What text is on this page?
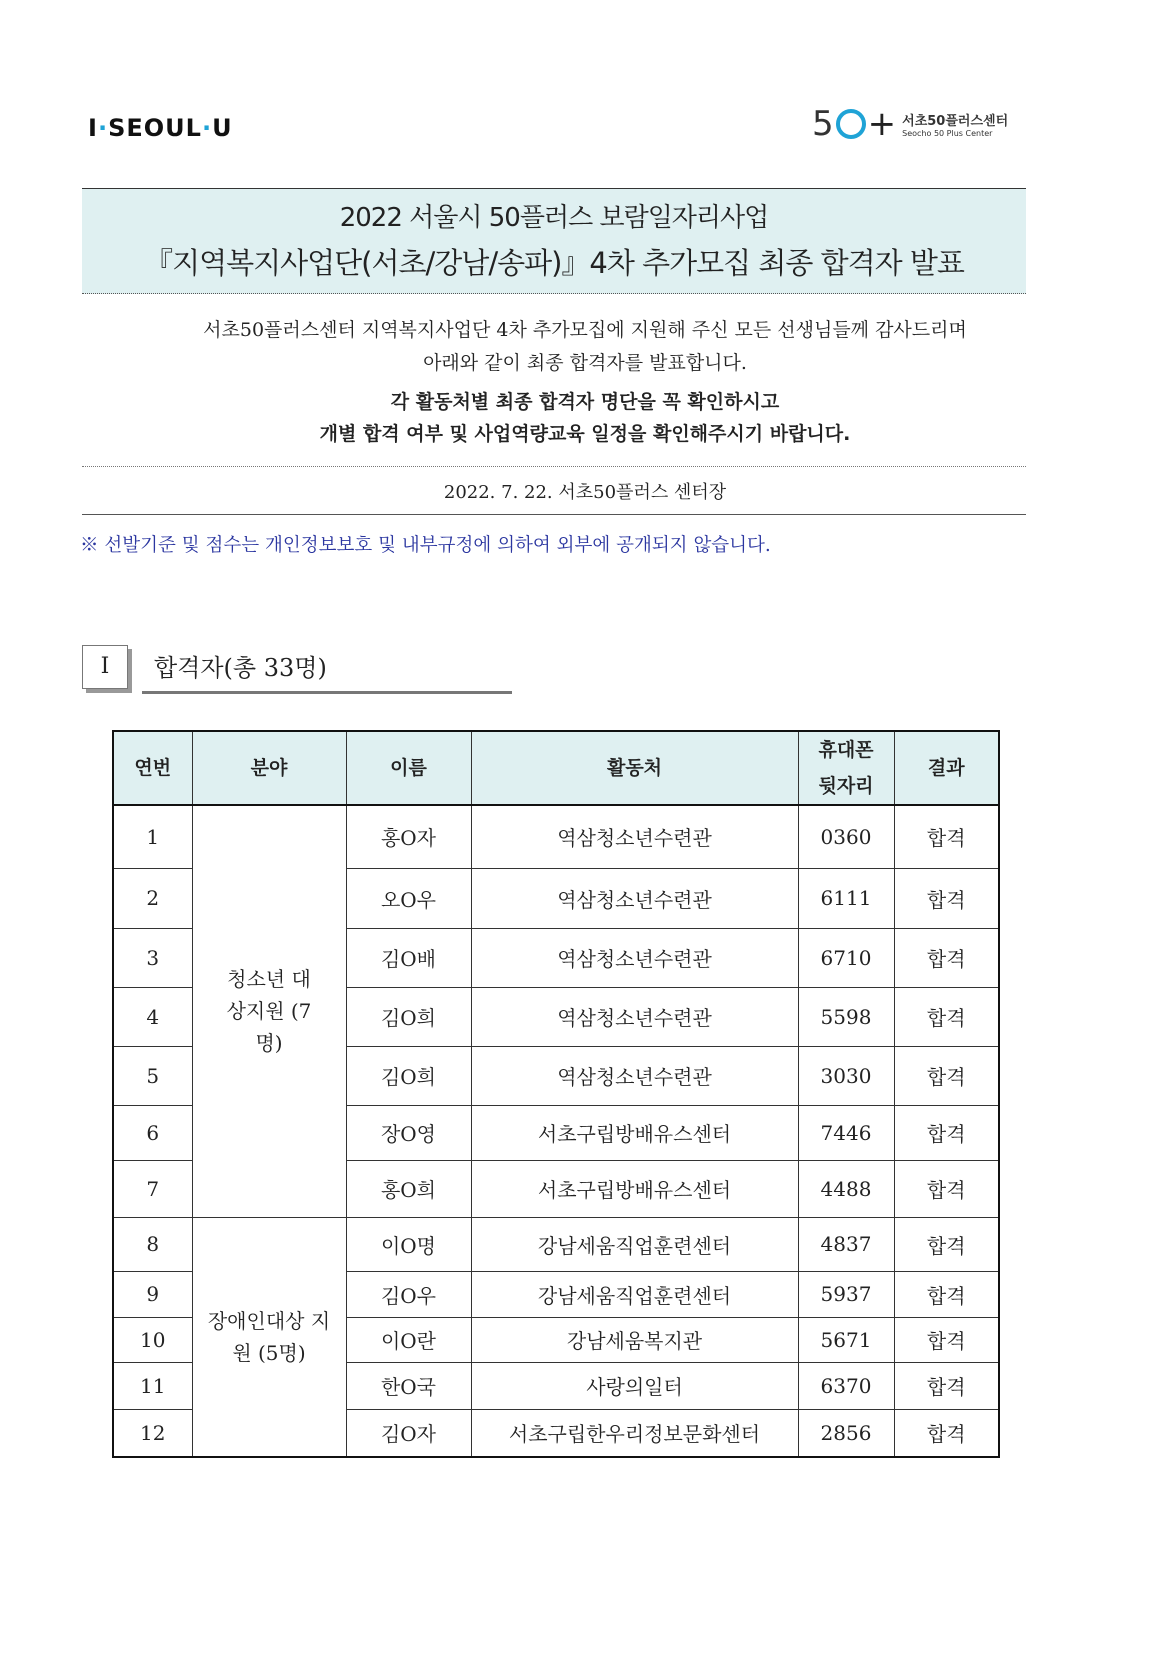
I·SEOUL·U	5 + 서초50플러스센터
Seocho 50 Plus Center
2022 서울시 50플러스 보람일자리사업
『지역복지사업단(서초/강남/송파)』4차 추가모집 최종 합격자 발표
서초50플러스센터 지역복지사업단 4차 추가모집에 지원해 주신 모든 선생님들께 감사드리며
아래와 같이 최종 합격자를 발표합니다.
각 활동처별 최종 합격자 명단을 꼭 확인하시고
개별 합격 여부 및 사업역량교육 일정을 확인해주시기 바랍니다.
2022. 7. 22. 서초50플러스 센터장
※ 선발기준 및 점수는 개인정보보호 및 내부규정에 의하여 외부에 공개되지 않습니다.
I	합격자(총 33명)
연번	분야	이름	활동처	휴대폰 뒷자리	결과
1	청소년 대상지원 (7명)	홍O자	역삼청소년수련관	0360	합격
2		오O우	역삼청소년수련관	6111	합격
3		김O배	역삼청소년수련관	6710	합격
4		김O희	역삼청소년수련관	5598	합격
5		김O희	역삼청소년수련관	3030	합격
6		장O영	서초구립방배유스센터	7446	합격
7		홍O희	서초구립방배유스센터	4488	합격
8	장애인대상 지원 (5명)	이O명	강남세움직업훈련센터	4837	합격
9		김O우	강남세움직업훈련센터	5937	합격
10		이O란	강남세움복지관	5671	합격
11		한O국	사랑의일터	6370	합격
12		김O자	서초구립한우리정보문화센터	2856	합격
